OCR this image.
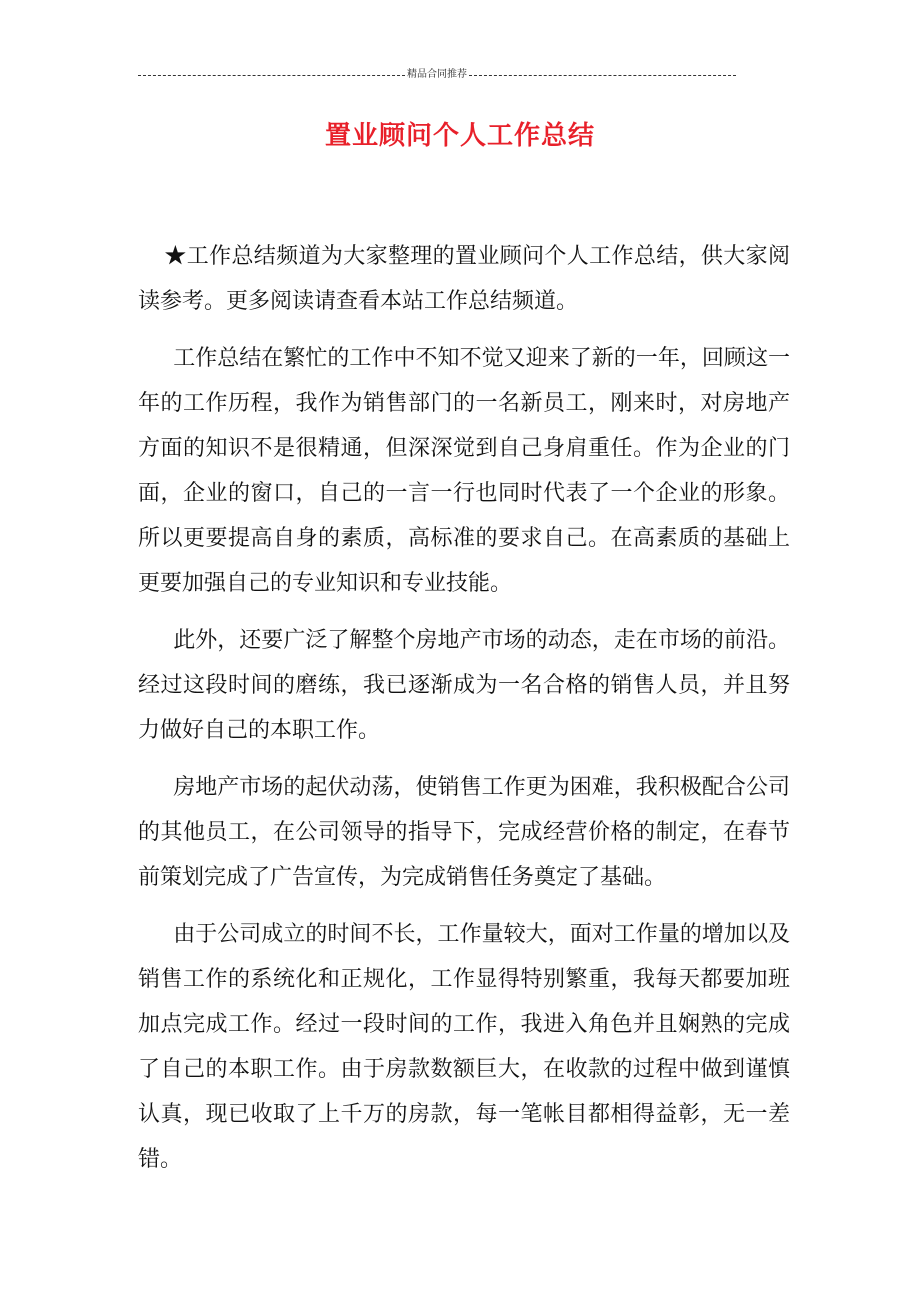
精品合同推荐
置业顾问个人工作总结

★工作总结频道为大家整理的置业顾问个人工作总结，供大家阅读参考。更多阅读请查看本站工作总结频道。

工作总结在繁忙的工作中不知不觉又迎来了新的一年，回顾这一年的工作历程，我作为销售部门的一名新员工，刚来时，对房地产 方面的知识不是很精通，但深深觉到自己身肩重任。作为企业的门面，企业的窗口，自己的一言一行也同时代表了一个企业的形象。所以更要提高自身的素质，高标准的要求自己。在高素质的基础上更要加强自己的专业知识和专业技能。

此外，还要广泛了解整个房地产市场的动态，走在市场的前沿。经过这段时间的磨练，我已逐渐成为一名合格的销售人员，并且努力做好自己的本职工作。

房地产市场的起伏动荡，使销售工作更为困难，我积极配合公司的其他员工，在公司领导的指导下，完成经营价格的制定，在春节前策划完成了广告宣传，为完成销售任务奠定了基础。

由于公司成立的时间不长，工作量较大，面对工作量的增加以及销售工作的系统化和正规化，工作显得特别繁重，我每天都要加班加点完成工作。经过一段时间的工作，我进入角色并且娴熟的完成了自己的本职工作。由于房款数额巨大，在收款的过程中做到谨慎认真，现已收取了上千万的房款，每一笔帐目都相得益彰，无一差错。
